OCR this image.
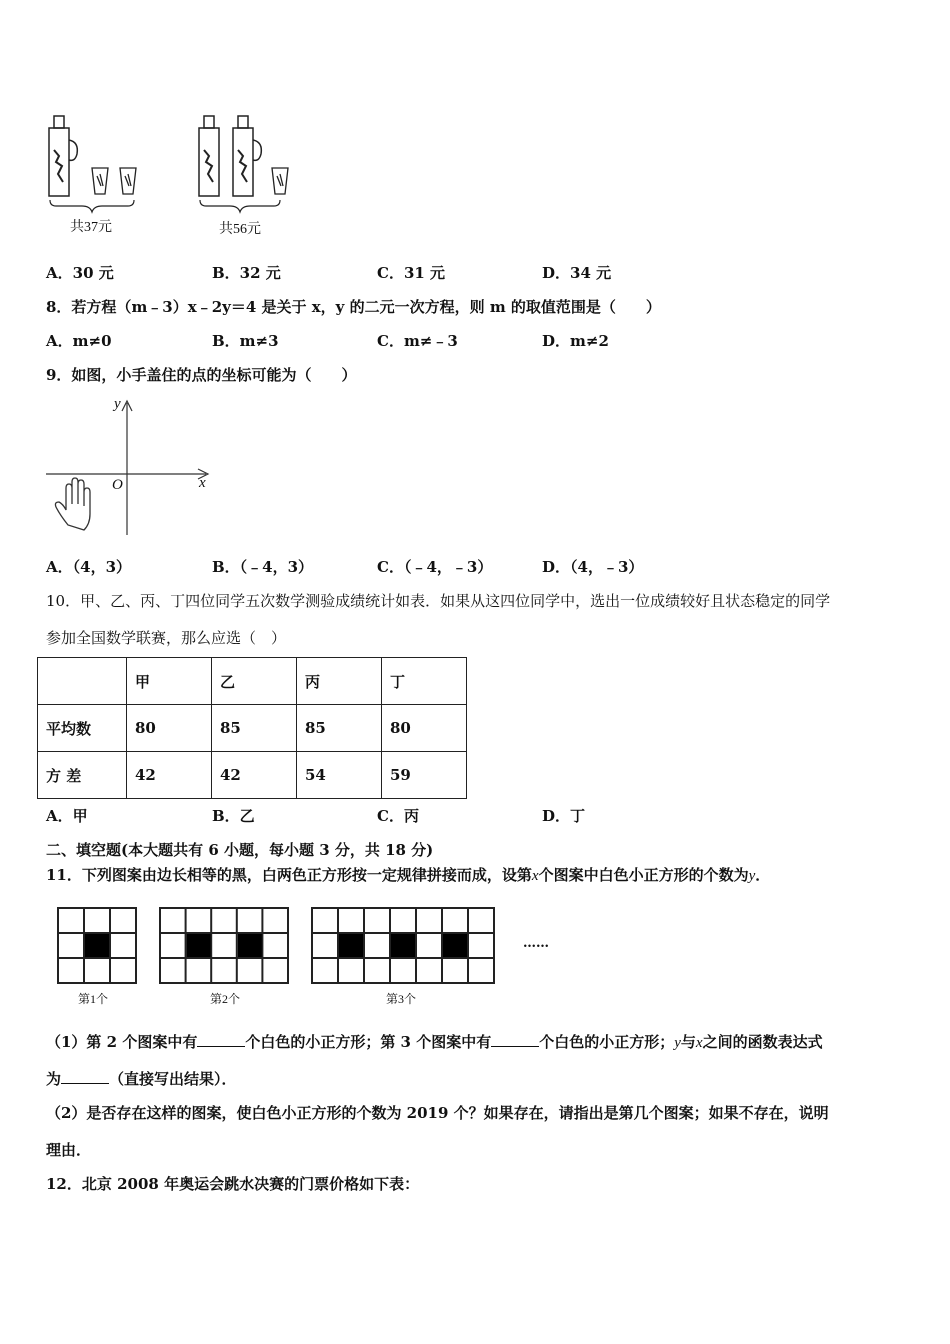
共37元	共56元
A．30 元	B．32 元	C．31 元	D．34 元
8．若方程（m﹣3）x﹣2y＝4 是关于 x，y 的二元一次方程，则 m 的取值范围是（　　）
A．m≠0	B．m≠3	C．m≠﹣3	D．m≠2
9．如图，小手盖住的点的坐标可能为（　　）
y
x
O
A．（4，3）	B．（﹣4，3）	C．（﹣4，﹣3）	D．（4，﹣3）
10．甲、乙、丙、丁四位同学五次数学测验成绩统计如表．如果从这四位同学中，选出一位成绩较好且状态稳定的同学
参加全国数学联赛，那么应选（　）
	甲	乙	丙	丁
平均数	80	85	85	80
方 差	42	42	54	59
A．甲	B．乙	C．丙	D．丁
二、填空题(本大题共有 6 小题，每小题 3 分，共 18 分)
11．下列图案由边长相等的黑，白两色正方形按一定规律拼接而成，设第x个图案中白色小正方形的个数为y．
第1个	第2个	第3个
……
（1）第 2 个图案中有	个白色的小正方形；第 3 个图案中有	个白色的小正方形；y与x之间的函数表达式
为	（直接写出结果）．
（2）是否存在这样的图案，使白色小正方形的个数为 2019 个？如果存在，请指出是第几个图案；如果不存在，说明
理由．
12．北京 2008 年奥运会跳水决赛的门票价格如下表：
